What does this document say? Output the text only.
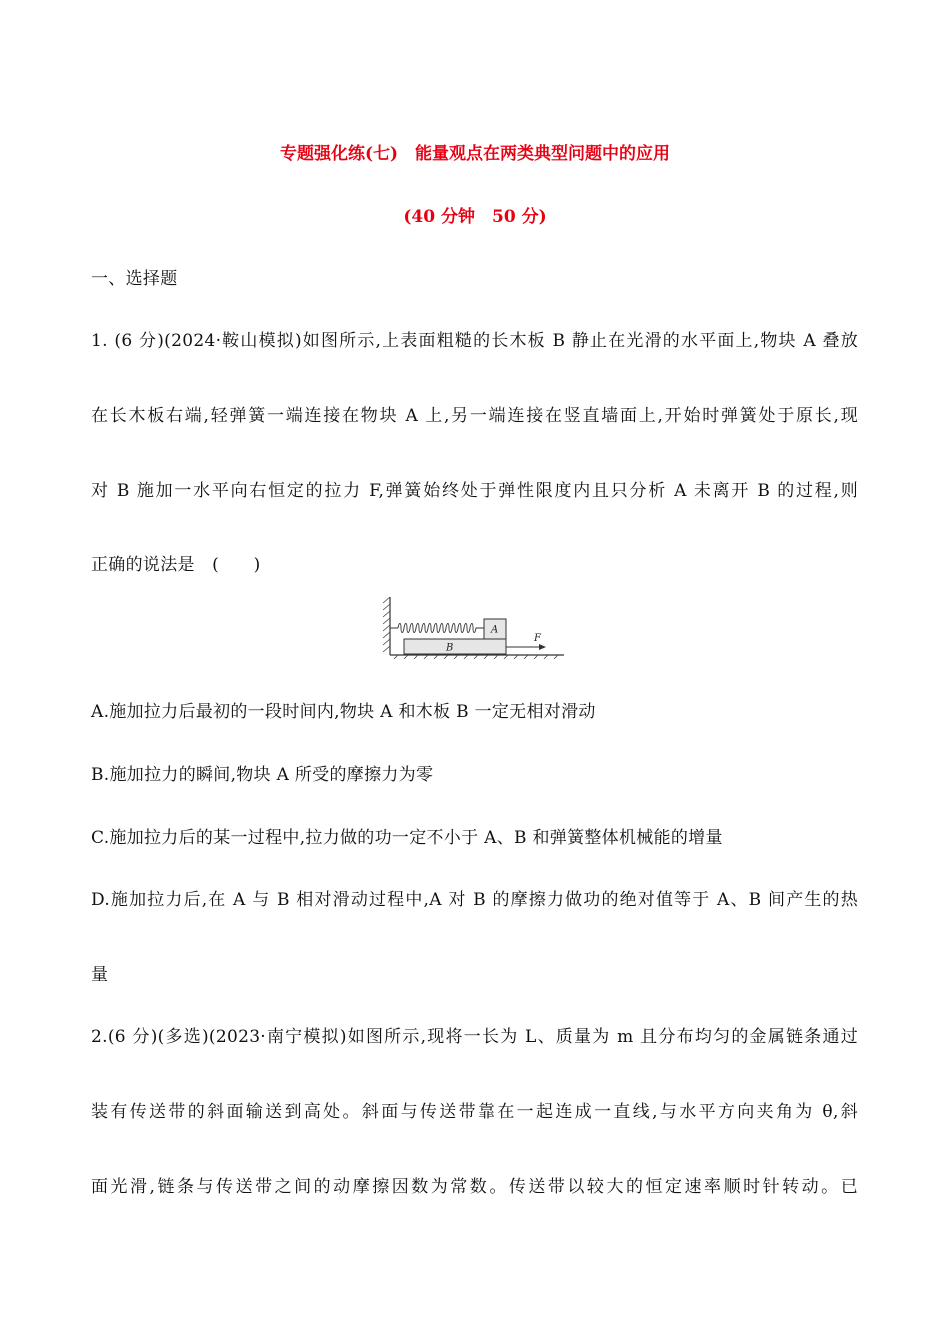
专题强化练(七)　能量观点在两类典型问题中的应用
(40 分钟　50 分)
一、选择题
1. (6 分)(2024·鞍山模拟)如图所示,上表面粗糙的长木板 B 静止在光滑的水平面上,物块 A 叠放
在长木板右端,轻弹簧一端连接在物块 A 上,另一端连接在竖直墙面上,开始时弹簧处于原长,现
对 B 施加一水平向右恒定的拉力 F,弹簧始终处于弹性限度内且只分析 A 未离开 B 的过程,则
正确的说法是　(　　)
B
A
F
A.施加拉力后最初的一段时间内,物块 A 和木板 B 一定无相对滑动
B.施加拉力的瞬间,物块 A 所受的摩擦力为零
C.施加拉力后的某一过程中,拉力做的功一定不小于 A、B 和弹簧整体机械能的增量
D.施加拉力后,在 A 与 B 相对滑动过程中,A 对 B 的摩擦力做功的绝对值等于 A、B 间产生的热
量
2.(6 分)(多选)(2023·南宁模拟)如图所示,现将一长为 L、质量为 m 且分布均匀的金属链条通过
装有传送带的斜面输送到高处。斜面与传送带靠在一起连成一直线,与水平方向夹角为 θ,斜
面光滑,链条与传送带之间的动摩擦因数为常数。传送带以较大的恒定速率顺时针转动。已
